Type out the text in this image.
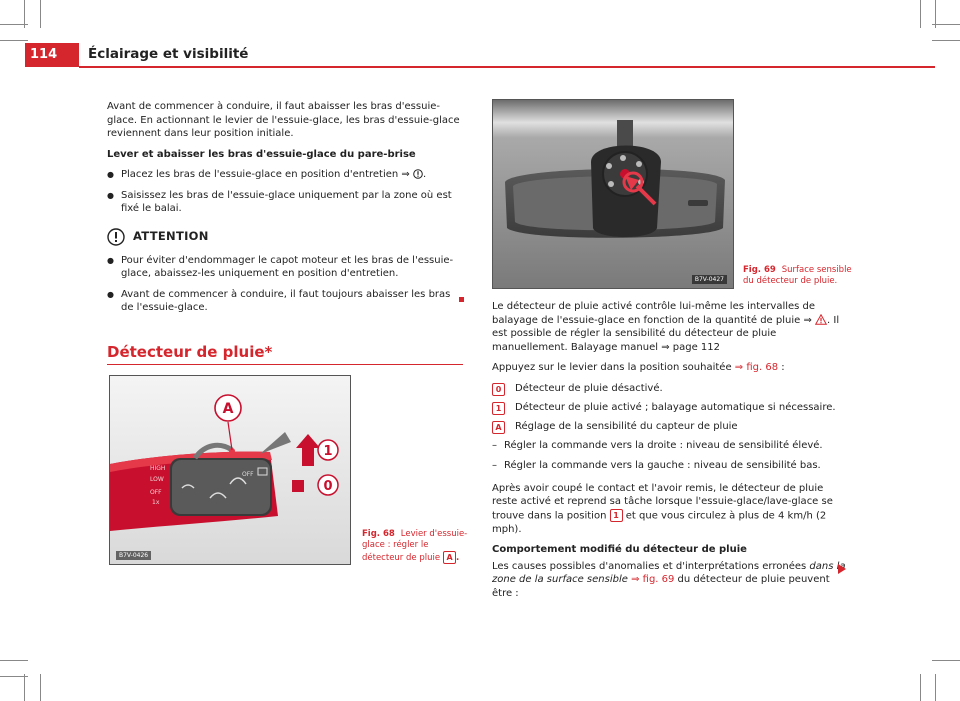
114	Éclairage et visibilité

Avant de commencer à conduire, il faut abaisser les bras d'essuie-glace. En actionnant le levier de l'essuie-glace, les bras d'essuie-glace reviennent dans leur position initiale.

Lever et abaisser les bras d'essuie-glace du pare-brise

● Placez les bras de l'essuie-glace en position d'entretien ⇒ .

● Saisissez les bras de l'essuie-glace uniquement par la zone où est fixé le balai.

ATTENTION

● Pour éviter d'endommager le capot moteur et les bras de l'essuie-glace, abaissez-les uniquement en position d'entretien.

● Avant de commencer à conduire, il faut toujours abaisser les bras de l'essuie-glace.

Détecteur de pluie*
A
HIGH
LOW
OFF
1x
OFF
1
0
B7V-0426
Fig. 68 Levier d'essuie-glace : régler le détecteur de pluie A .
B7V-0427
Fig. 69 Surface sensible du détecteur de pluie.

Le détecteur de pluie activé contrôle lui-même les intervalles de balayage de l'essuie-glace en fonction de la quantité de pluie ⇒ . Il est possible de régler la sensibilité du détecteur de pluie manuellement. Balayage manuel ⇒ page 112

Appuyez sur le levier dans la position souhaitée ⇒ fig. 68 :

0	Détecteur de pluie désactivé.
1	Détecteur de pluie activé ; balayage automatique si nécessaire.
A	Réglage de la sensibilité du capteur de pluie

– Régler la commande vers la droite : niveau de sensibilité élevé.

– Régler la commande vers la gauche : niveau de sensibilité bas.

Après avoir coupé le contact et l'avoir remis, le détecteur de pluie reste activé et reprend sa tâche lorsque l'essuie-glace/lave-glace se trouve dans la position 1 et que vous circulez à plus de 4 km/h (2 mph).

Comportement modifié du détecteur de pluie

Les causes possibles d'anomalies et d'interprétations erronées dans la zone de la surface sensible ⇒ fig. 69 du détecteur de pluie peuvent être :
